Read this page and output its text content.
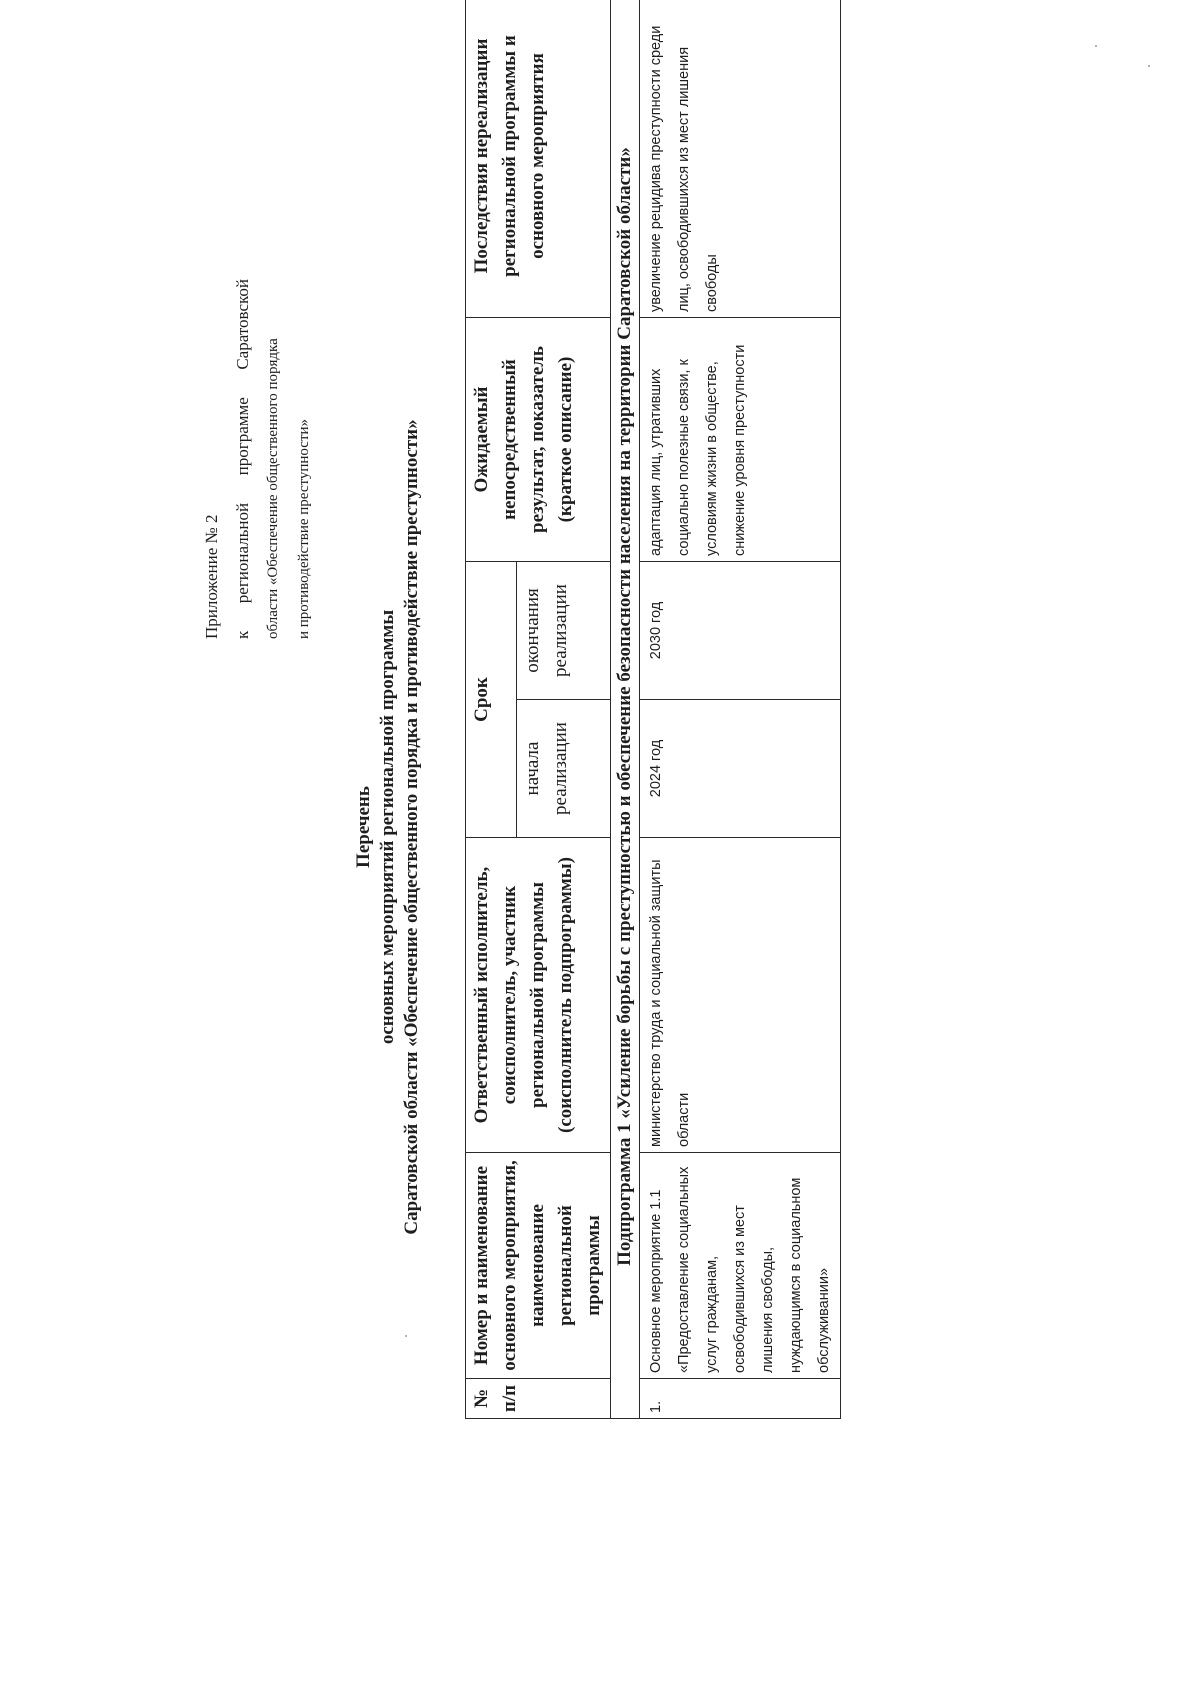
Приложение № 2 к региональной программе Саратовской области «Обеспечение общественного порядка	и противодействие преступности»
Перечень основных мероприятий региональной программы Саратовской области «Обеспечение общественного порядка и противодействие преступности»
№ п/п	Номер и наименование основного мероприятия, наименование региональной программы	Ответственный исполнитель, соисполнитель, участник региональной программы (соисполнитель подпрограммы)	Срок		Ожидаемый непосредственный результат, показатель (краткое описание)	Последствия нереализации региональной программы и основного мероприятия
			начала реализации	окончания реализации		
Подпрограмма 1 «Усиление борьбы с преступностью и обеспечение безопасности населения на территории Саратовской области»						
1.	Основное мероприятие 1.1 «Предоставление социальных услуг гражданам, освободившихся из мест лишения свободы, нуждающимся в социальном обслуживании»	министерство труда и социальной защиты области	2024 год	2030 год	адаптация лиц, утративших социально полезные связи, к условиям жизни в обществе, снижение уровня преступности	увеличение рецидива преступности среди лиц, освободившихся из мест лишения свободы
